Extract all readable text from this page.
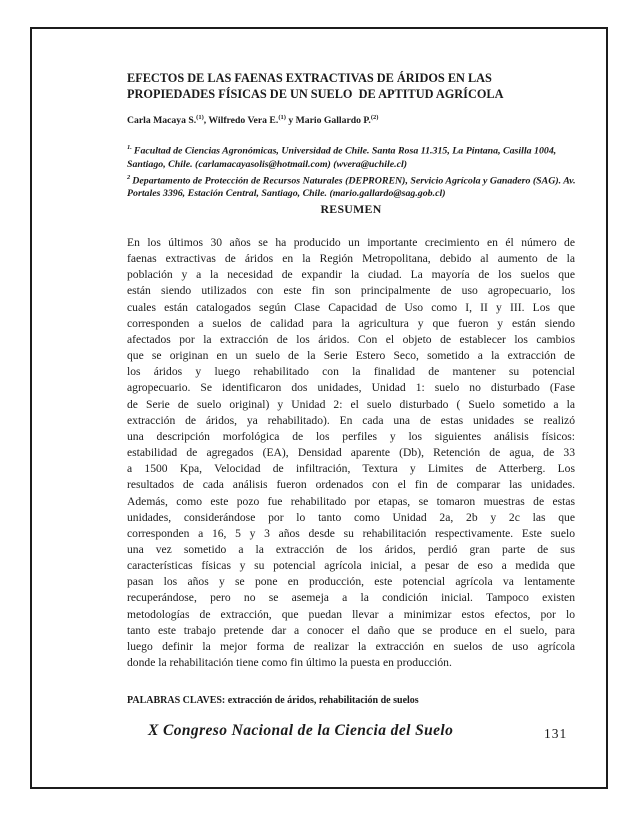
EFECTOS DE LAS FAENAS EXTRACTIVAS DE ÁRIDOS EN LAS
PROPIEDADES FÍSICAS DE UN SUELO  DE APTITUD AGRÍCOLA
Carla Macaya S.$^{(1)}$, Wilfredo Vera E.$^{(1)}$ y Mario Gallardo P.$^{(2)}$
$^{1.}$ Facultad de Ciencias Agronómicas, Universidad de Chile. Santa Rosa 11.315, La Pintana, Casilla 1004, Santiago, Chile. (carlamacayasolis@hotmail.com) (wvera@uchile.cl)
$^2$ Departamento de Protección de Recursos Naturales (DEPROREN), Servicio Agrícola y Ganadero (SAG). Av. Portales 3396, Estación Central, Santiago, Chile. (mario.gallardo@sag.gob.cl)
RESUMEN
En los últimos 30 años se ha producido un importante crecimiento en él número de
faenas extractivas de áridos en la Región Metropolitana, debido al aumento de la
población y a la necesidad de expandir la ciudad. La mayoría de los suelos que
están siendo utilizados con este fin son principalmente de uso agropecuario, los
cuales están catalogados según Clase Capacidad de Uso como I, II y III. Los que
corresponden a suelos de calidad para la agricultura y que fueron y están siendo
afectados por la extracción de los áridos. Con el objeto de establecer los cambios
que se originan en un suelo de la Serie Estero Seco, sometido a la extracción de
los áridos y luego rehabilitado con la finalidad de mantener su potencial
agropecuario. Se identificaron dos unidades, Unidad 1: suelo no disturbado (Fase
de Serie de suelo original) y Unidad 2: el suelo disturbado ( Suelo sometido a la
extracción de áridos, ya rehabilitado). En cada una de estas unidades se realizó
una descripción morfológica de los perfiles y los siguientes análisis físicos:
estabilidad de agregados (EA), Densidad aparente (Db), Retención de agua, de 33
a 1500 Kpa, Velocidad de infiltración, Textura y Limites de Atterberg. Los
resultados de cada análisis fueron ordenados con el fin de comparar las unidades.
Además, como este pozo fue rehabilitado por etapas, se tomaron muestras de estas
unidades, considerándose por lo tanto como Unidad 2a, 2b y 2c las que
corresponden a 16, 5 y 3 años desde su rehabilitación respectivamente. Este suelo
una vez sometido a la extracción de los áridos, perdió gran parte de sus
características físicas y su potencial agrícola inicial, a pesar de eso a medida que
pasan los años y se pone en producción, este potencial agrícola va lentamente
recuperándose, pero no se asemeja a la condición inicial. Tampoco existen
metodologías de extracción, que puedan llevar a minimizar estos efectos, por lo
tanto este trabajo pretende dar a conocer el daño que se produce en el suelo, para
luego definir la mejor forma de realizar la extracción en suelos de uso agrícola
donde la rehabilitación tiene como fin último la puesta en producción.
PALABRAS CLAVES: extracción de áridos, rehabilitación de suelos
X Congreso Nacional de la Ciencia del Suelo	131
